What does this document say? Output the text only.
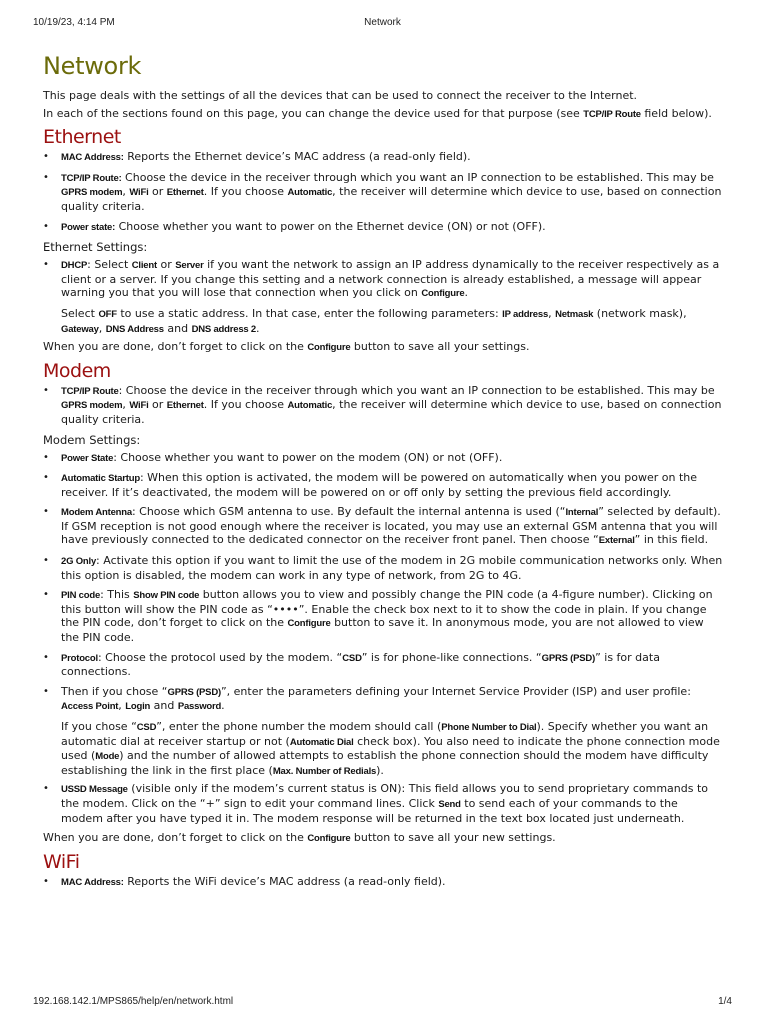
10/19/23, 4:14 PM	Network
Network

This page deals with the settings of all the devices that can be used to connect the receiver to the Internet.

In each of the sections found on this page, you can change the device used for that purpose (see TCP/IP Route field below).

Ethernet
• MAC Address: Reports the Ethernet device’s MAC address (a read-only field).
• TCP/IP Route: Choose the device in the receiver through which you want an IP connection to be established. This may be GPRS modem, WiFi or Ethernet. If you choose Automatic, the receiver will determine which device to use, based on connection quality criteria.
• Power state: Choose whether you want to power on the Ethernet device (ON) or not (OFF).
Ethernet Settings:
• DHCP: Select Client or Server if you want the network to assign an IP address dynamically to the receiver respectively as a client or a server. If you change this setting and a network connection is already established, a message will appear warning you that you will lose that connection when you click on Configure.

Select OFF to use a static address. In that case, enter the following parameters: IP address, Netmask (network mask), Gateway, DNS Address and DNS address 2.

When you are done, don’t forget to click on the Configure button to save all your settings.

Modem
• TCP/IP Route: Choose the device in the receiver through which you want an IP connection to be established. This may be GPRS modem, WiFi or Ethernet. If you choose Automatic, the receiver will determine which device to use, based on connection quality criteria.
Modem Settings:
• Power State: Choose whether you want to power on the modem (ON) or not (OFF).
• Automatic Startup: When this option is activated, the modem will be powered on automatically when you power on the receiver. If it’s deactivated, the modem will be powered on or off only by setting the previous field accordingly.
• Modem Antenna: Choose which GSM antenna to use. By default the internal antenna is used (“Internal” selected by default). If GSM reception is not good enough where the receiver is located, you may use an external GSM antenna that you will have previously connected to the dedicated connector on the receiver front panel. Then choose “External” in this field.
• 2G Only: Activate this option if you want to limit the use of the modem in 2G mobile communication networks only. When this option is disabled, the modem can work in any type of network, from 2G to 4G.
• PIN code: This Show PIN code button allows you to view and possibly change the PIN code (a 4-figure number). Clicking on this button will show the PIN code as “••••”. Enable the check box next to it to show the code in plain. If you change the PIN code, don’t forget to click on the Configure button to save it. In anonymous mode, you are not allowed to view the PIN code.
• Protocol: Choose the protocol used by the modem. “CSD” is for phone-like connections. “GPRS (PSD)” is for data connections.
• Then if you chose “GPRS (PSD)”, enter the parameters defining your Internet Service Provider (ISP) and user profile: Access Point, Login and Password.

If you chose “CSD”, enter the phone number the modem should call (Phone Number to Dial). Specify whether you want an automatic dial at receiver startup or not (Automatic Dial check box). You also need to indicate the phone connection mode used (Mode) and the number of allowed attempts to establish the phone connection should the modem have difficulty establishing the link in the first place (Max. Number of Redials).

• USSD Message (visible only if the modem’s current status is ON): This field allows you to send proprietary commands to the modem. Click on the “+” sign to edit your command lines. Click Send to send each of your commands to the modem after you have typed it in. The modem response will be returned in the text box located just underneath.

When you are done, don’t forget to click on the Configure button to save all your new settings.

WiFi
• MAC Address: Reports the WiFi device’s MAC address (a read-only field).
192.168.142.1/MPS865/help/en/network.html	1/4
